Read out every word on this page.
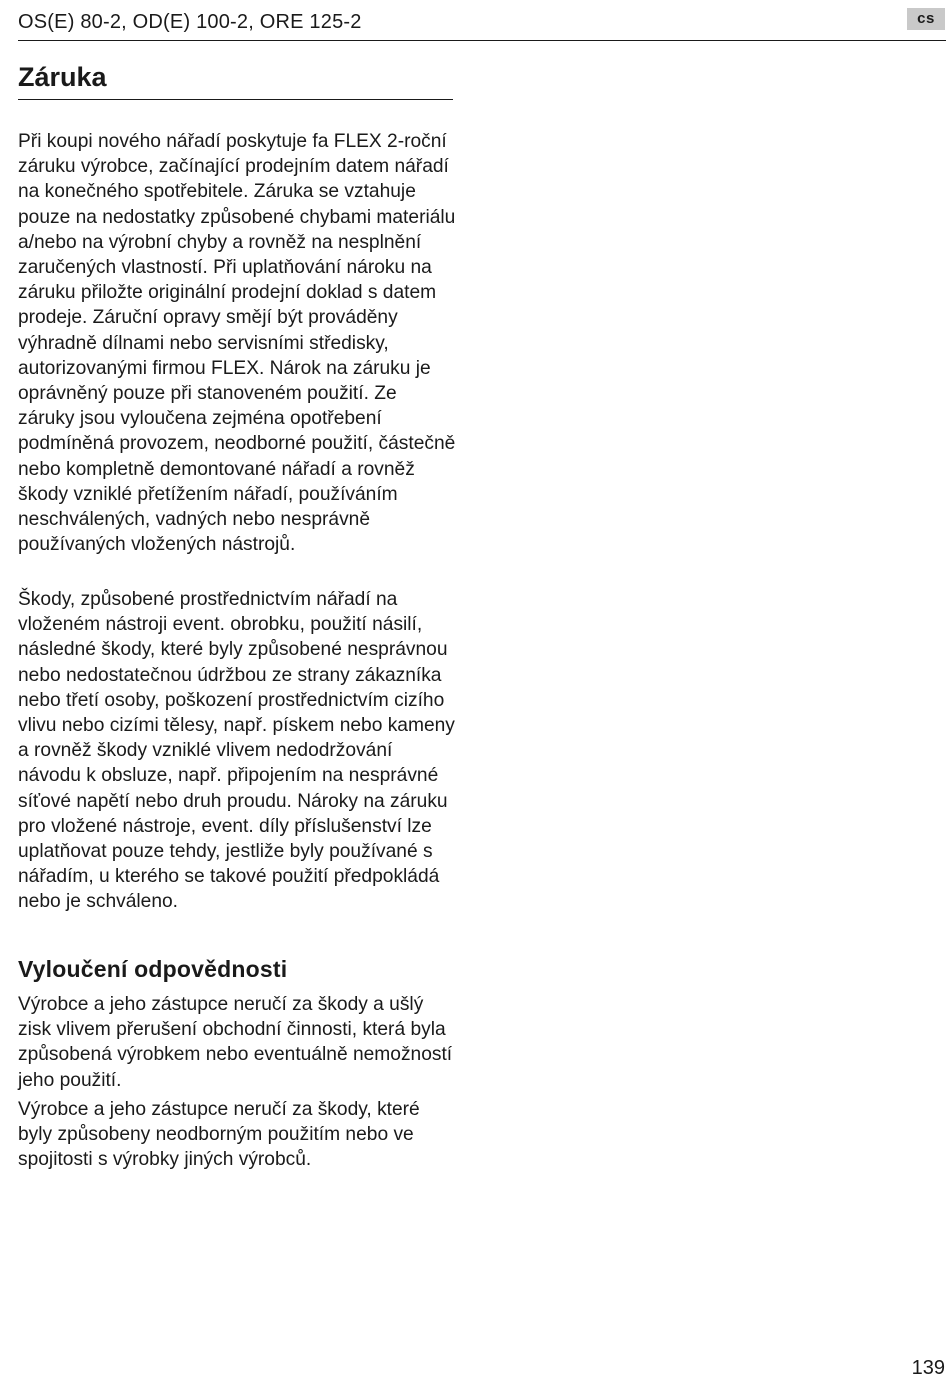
OS(E) 80-2, OD(E) 100-2, ORE 125-2	cs
Záruka

Při koupi nového nářadí poskytuje fa FLEX 2-roční záruku výrobce, začínající prodejním datem nářadí na konečného spotřebitele. Záruka se vztahuje pouze na nedostatky způsobené chybami materiálu a/nebo na výrobní chyby a rovněž na nesplnění zaručených vlastností. Při uplatňování nároku na záruku přiložte originální prodejní doklad s datem prodeje. Záruční opravy smějí být prováděny výhradně dílnami nebo servisními středisky, autorizovanými firmou FLEX. Nárok na záruku je oprávněný pouze při stanoveném použití. Ze záruky jsou vyloučena zejména opotřebení podmíněná provozem, neodborné použití, částečně nebo kompletně demontované nářadí a rovněž škody vzniklé přetížením nářadí, používáním neschválených, vadných nebo nesprávně používaných vložených nástrojů.

Škody, způsobené prostřednictvím nářadí na vloženém nástroji event. obrobku, použití násilí, následné škody, které byly způsobené nesprávnou nebo nedostatečnou údržbou ze strany zákazníka nebo třetí osoby, poškození prostřednictvím cizího vlivu nebo cizími tělesy, např. pískem nebo kameny a rovněž škody vzniklé vlivem nedodržování návodu k obsluze, např. připojením na nesprávné síťové napětí nebo druh proudu. Nároky na záruku pro vložené nástroje, event. díly příslušenství lze uplatňovat pouze tehdy, jestliže byly používané s nářadím, u kterého se takové použití předpokládá nebo je schváleno.

Vyloučení odpovědnosti

Výrobce a jeho zástupce neručí za škody a ušlý zisk vlivem přerušení obchodní činnosti, která byla způsobená výrobkem nebo eventuálně nemožností jeho použití.

Výrobce a jeho zástupce neručí za škody, které byly způsobeny neodborným použitím nebo ve spojitosti s výrobky jiných výrobců.

139
